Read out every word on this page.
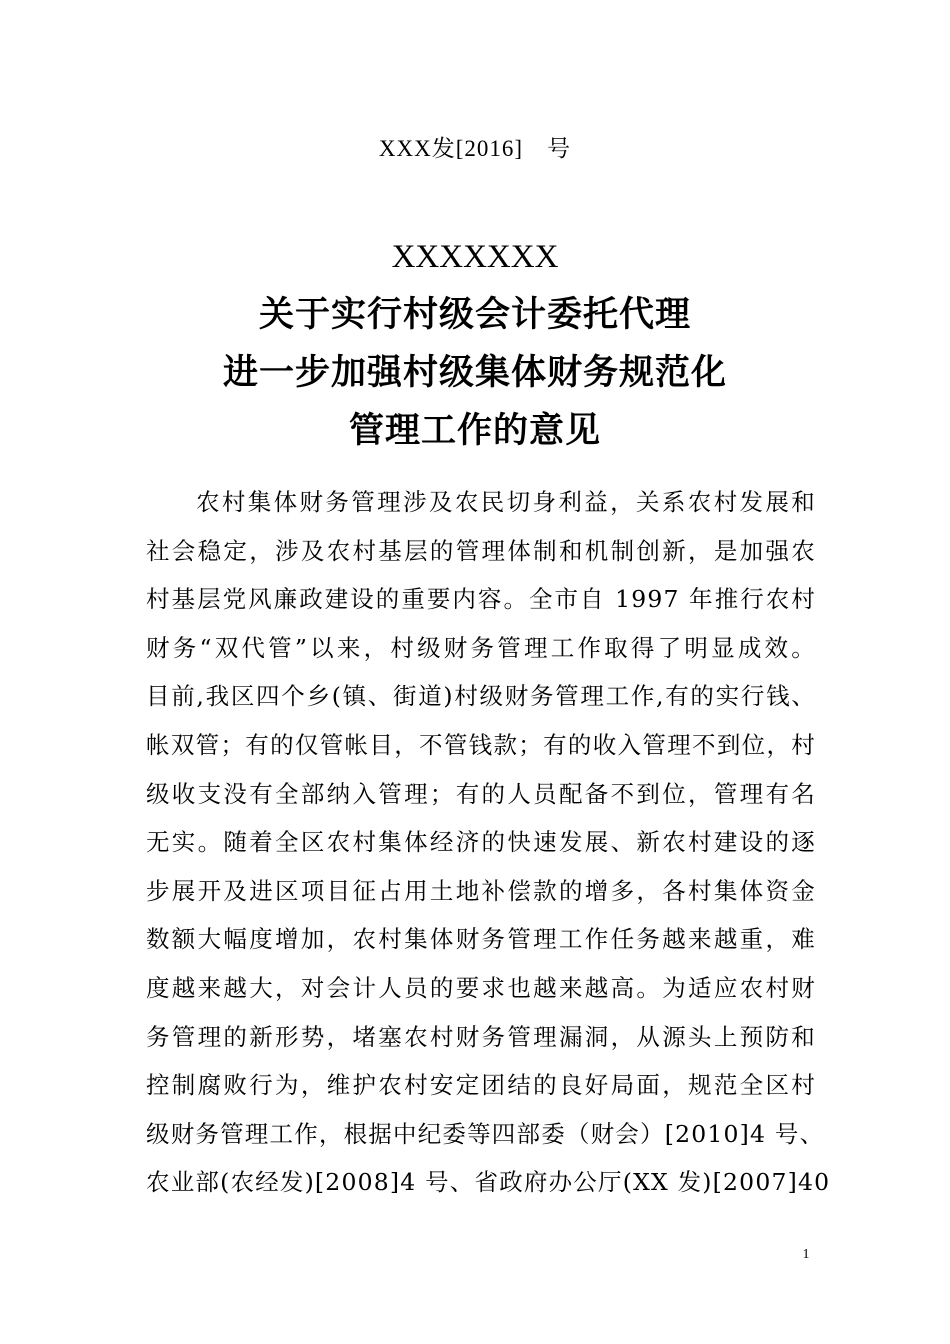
XXX发[2016]　号
XXXXXXX
关于实行村级会计委托代理
进一步加强村级集体财务规范化
管理工作的意见
农村集体财务管理涉及农民切身利益，关系农村发展和
社会稳定，涉及农村基层的管理体制和机制创新，是加强农
村基层党风廉政建设的重要内容。全市自 1997 年推行农村
财务“双代管”以来，村级财务管理工作取得了明显成效。
目前,我区四个乡(镇、街道)村级财务管理工作,有的实行钱、
帐双管；有的仅管帐目，不管钱款；有的收入管理不到位，村
级收支没有全部纳入管理；有的人员配备不到位，管理有名
无实。随着全区农村集体经济的快速发展、新农村建设的逐
步展开及进区项目征占用土地补偿款的增多，各村集体资金
数额大幅度增加，农村集体财务管理工作任务越来越重，难
度越来越大，对会计人员的要求也越来越高。为适应农村财
务管理的新形势，堵塞农村财务管理漏洞，从源头上预防和
控制腐败行为，维护农村安定团结的良好局面，规范全区村
级财务管理工作，根据中纪委等四部委（财会）[2010]4 号、
农业部(农经发)[2008]4 号、省政府办公厅(XX 发)[2007]40
1
